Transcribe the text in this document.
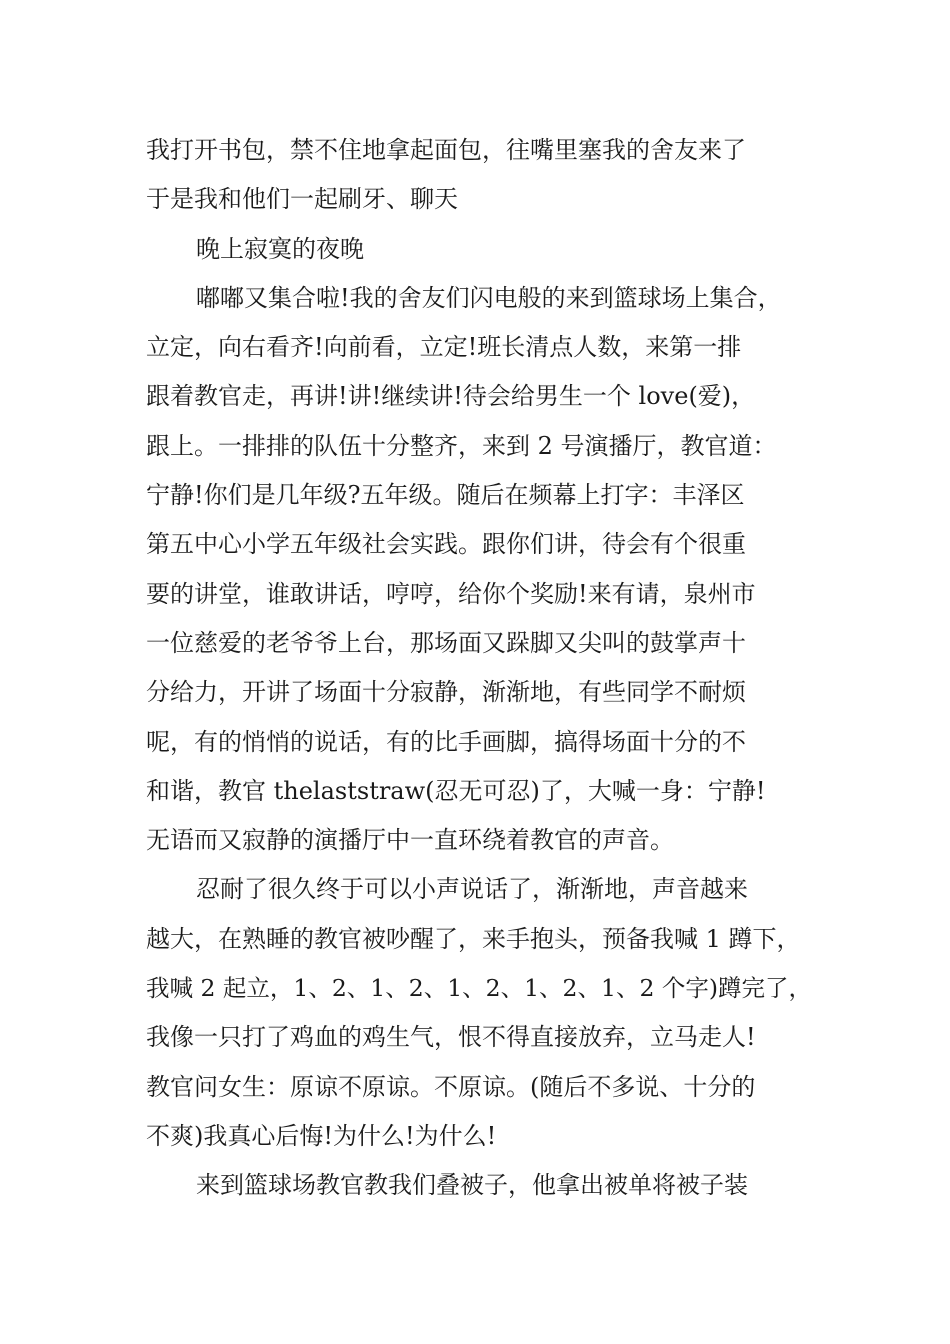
我打开书包，禁不住地拿起面包，往嘴里塞我的舍友来了
于是我和他们一起刷牙、聊天
晚上寂寞的夜晚
嘟嘟又集合啦!我的舍友们闪电般的来到篮球场上集合，
立定，向右看齐!向前看，立定!班长清点人数，来第一排
跟着教官走，再讲!讲!继续讲!待会给男生一个 love(爱)，
跟上。一排排的队伍十分整齐，来到 2 号演播厅，教官道：
宁静!你们是几年级?五年级。随后在频幕上打字：丰泽区
第五中心小学五年级社会实践。跟你们讲，待会有个很重
要的讲堂，谁敢讲话，哼哼，给你个奖励!来有请，泉州市
一位慈爱的老爷爷上台，那场面又跺脚又尖叫的鼓掌声十
分给力，开讲了场面十分寂静，渐渐地，有些同学不耐烦
呢，有的悄悄的说话，有的比手画脚，搞得场面十分的不
和谐，教官 thelaststraw(忍无可忍)了，大喊一身：宁静!
无语而又寂静的演播厅中一直环绕着教官的声音。
忍耐了很久终于可以小声说话了，渐渐地，声音越来
越大，在熟睡的教官被吵醒了，来手抱头，预备我喊 1 蹲下，
我喊 2 起立，1、2、1、2、1、2、1、2、1、2 个字)蹲完了，
我像一只打了鸡血的鸡生气，恨不得直接放弃，立马走人!
教官问女生：原谅不原谅。不原谅。(随后不多说、十分的
不爽)我真心后悔!为什么!为什么!
来到篮球场教官教我们叠被子，他拿出被单将被子装
